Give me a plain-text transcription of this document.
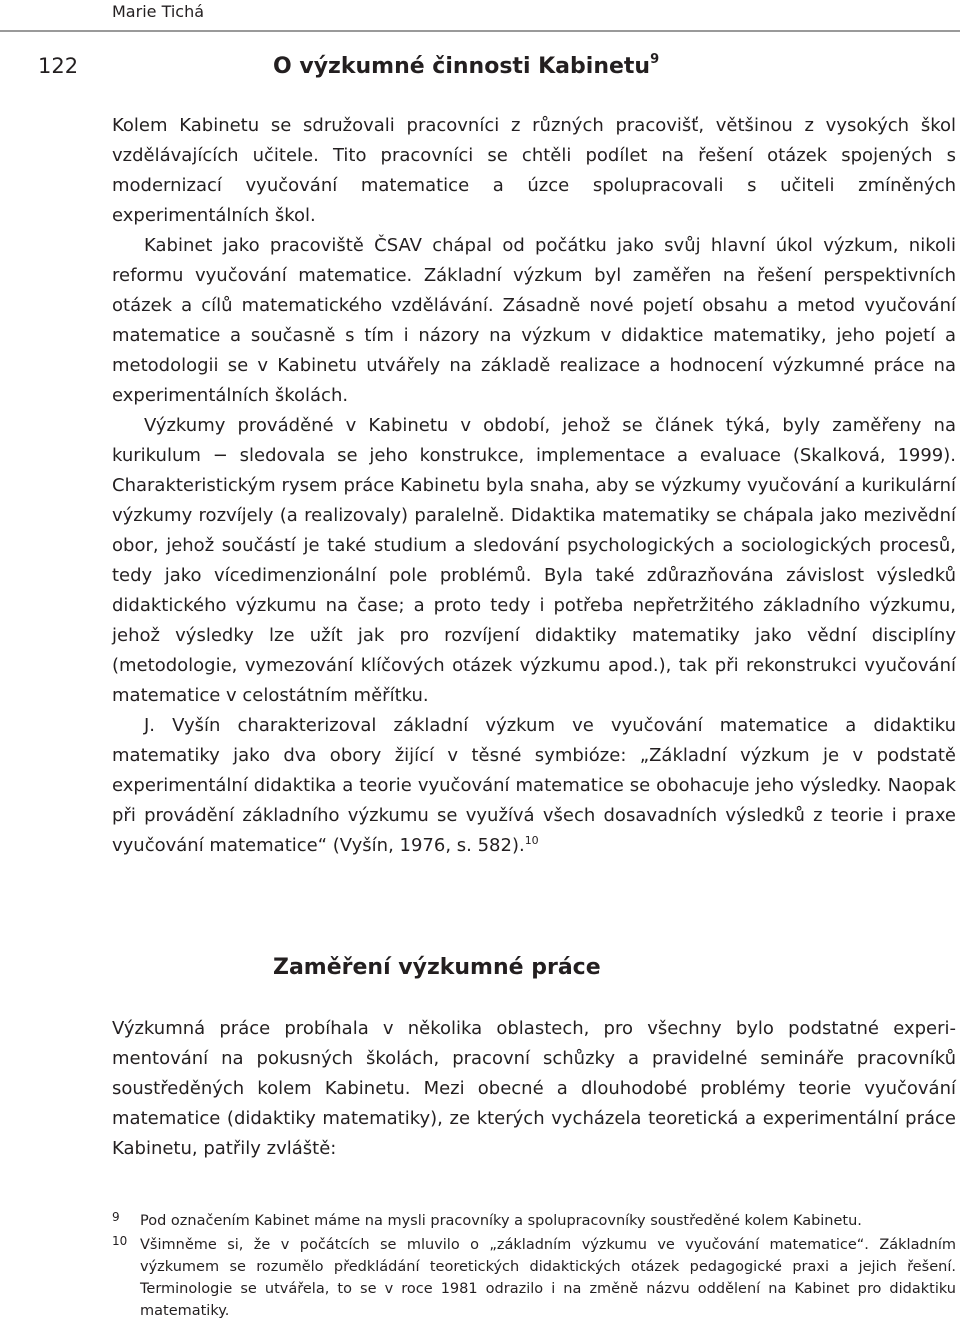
Marie Tichá
122	O výzkumné činnosti Kabinetu$^9$

Kolem Kabinetu se sdružovali pracovníci z různých pracovišť, většinou z vysokých škol vzdělávajících učitele. Tito pracovníci se chtěli podílet na řešení otázek spojených s modernizací vyučování matematice a úzce spolupracovali s učiteli zmíněných experimentálních škol.

Kabinet jako pracoviště ČSAV chápal od počátku jako svůj hlavní úkol výzkum, nikoli reformu vyučování matematice. Základní výzkum byl zaměřen na řešení perspektivních otázek a cílů matematického vzdělávání. Zásadně nové pojetí obsahu a metod vyučování matematice a současně s tím i názory na výzkum v didaktice matematiky, jeho pojetí a metodologii se v Kabinetu utvářely na základě realizace a hodnocení výzkumné práce na experimentálních školách.

Výzkumy prováděné v Kabinetu v období, jehož se článek týká, byly zaměřeny na kurikulum − sledovala se jeho konstrukce, implementace a evaluace (Skalková, 1999). Charakteristickým rysem práce Kabinetu byla snaha, aby se výzkumy vyučování a kurikulární výzkumy rozvíjely (a realizovaly) paralelně. Didaktika matematiky se chápala jako mezivědní obor, jehož součástí je také studium a sledování psychologických a sociologických procesů, tedy jako vícedimenzionální pole problémů. Byla také zdůrazňována závislost výsledků didaktického výzkumu na čase; a proto tedy i potřeba nepřetržitého základního výzkumu, jehož výsledky lze užít jak pro rozvíjení didaktiky matematiky jako vědní disciplíny (metodologie, vymezování klíčových otázek výzkumu apod.), tak při rekonstrukci vyučování matematice v celostátním měřítku.

J. Vyšín charakterizoval základní výzkum ve vyučování matematice a didaktiku matematiky jako dva obory žijící v těsné symbióze: „Základní výzkum je v podstatě experimentální didaktika a teorie vyučování matematice se obohacuje jeho výsledky. Naopak při provádění základního výzkumu se využívá všech dosavadních výsledků z teorie i praxe vyučování matematice“ (Vyšín, 1976, s. 582).$^{10}$

Zaměření výzkumné práce

Výzkumná práce probíhala v několika oblastech, pro všechny bylo podstatné experimentování na pokusných školách, pracovní schůzky a pravidelné semináře pracovníků soustředěných kolem Kabinetu. Mezi obecné a dlouhodobé problémy teorie vyučování matematice (didaktiky matematiky), ze kterých vycházela teoretická a experimentální práce Kabinetu, patřily zvláště:

9 Pod označením Kabinet máme na mysli pracovníky a spolupracovníky soustředěné kolem Kabinetu.
10 Všimněme si, že v počátcích se mluvilo o „základním výzkumu ve vyučování matematice“. Základním výzkumem se rozumělo předkládání teoretických didaktických otázek pedagogické praxi a jejich řešení. Terminologie se utvářela, to se v roce 1981 odrazilo i na změně názvu oddělení na Kabinet pro didaktiku matematiky.
